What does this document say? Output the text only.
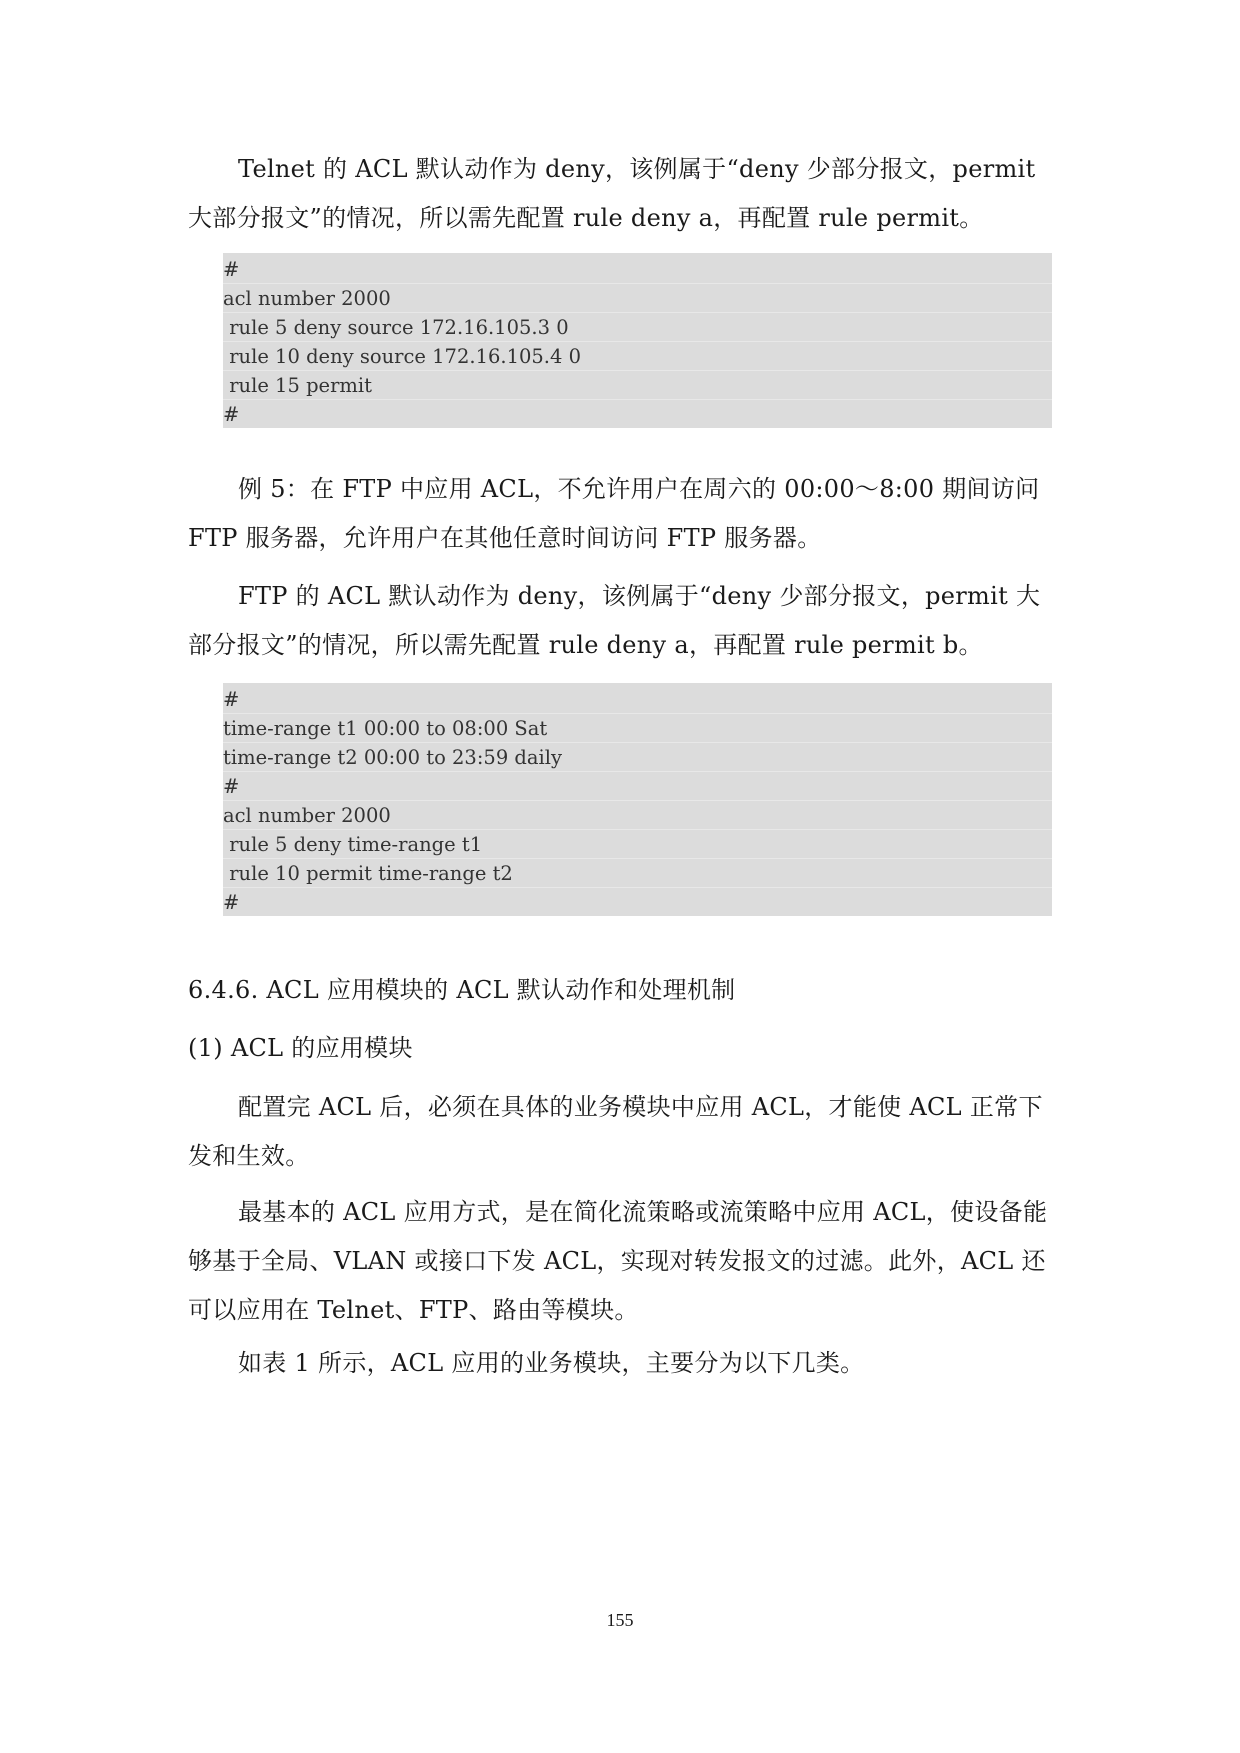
Telnet 的 ACL 默认动作为 deny，该例属于“deny 少部分报文，permit 大部分报文”的情况，所以需先配置 rule deny a，再配置 rule permit。

#
acl number 2000
rule 5 deny source 172.16.105.3 0
rule 10 deny source 172.16.105.4 0
rule 15 permit
#

例 5：在 FTP 中应用 ACL，不允许用户在周六的 00:00～8:00 期间访问 FTP 服务器，允许用户在其他任意时间访问 FTP 服务器。

FTP 的 ACL 默认动作为 deny，该例属于“deny 少部分报文，permit 大部分报文”的情况，所以需先配置 rule deny a，再配置 rule permit b。

#
time-range t1 00:00 to 08:00 Sat
time-range t2 00:00 to 23:59 daily
#
acl number 2000
rule 5 deny time-range t1
rule 10 permit time-range t2
#
6.4.6. ACL 应用模块的 ACL 默认动作和处理机制
(1) ACL 的应用模块

配置完 ACL 后，必须在具体的业务模块中应用 ACL，才能使 ACL 正常下发和生效。

最基本的 ACL 应用方式，是在简化流策略或流策略中应用 ACL，使设备能够基于全局、VLAN 或接口下发 ACL，实现对转发报文的过滤。此外，ACL 还可以应用在 Telnet、FTP、路由等模块。

如表 1 所示，ACL 应用的业务模块，主要分为以下几类。

155
